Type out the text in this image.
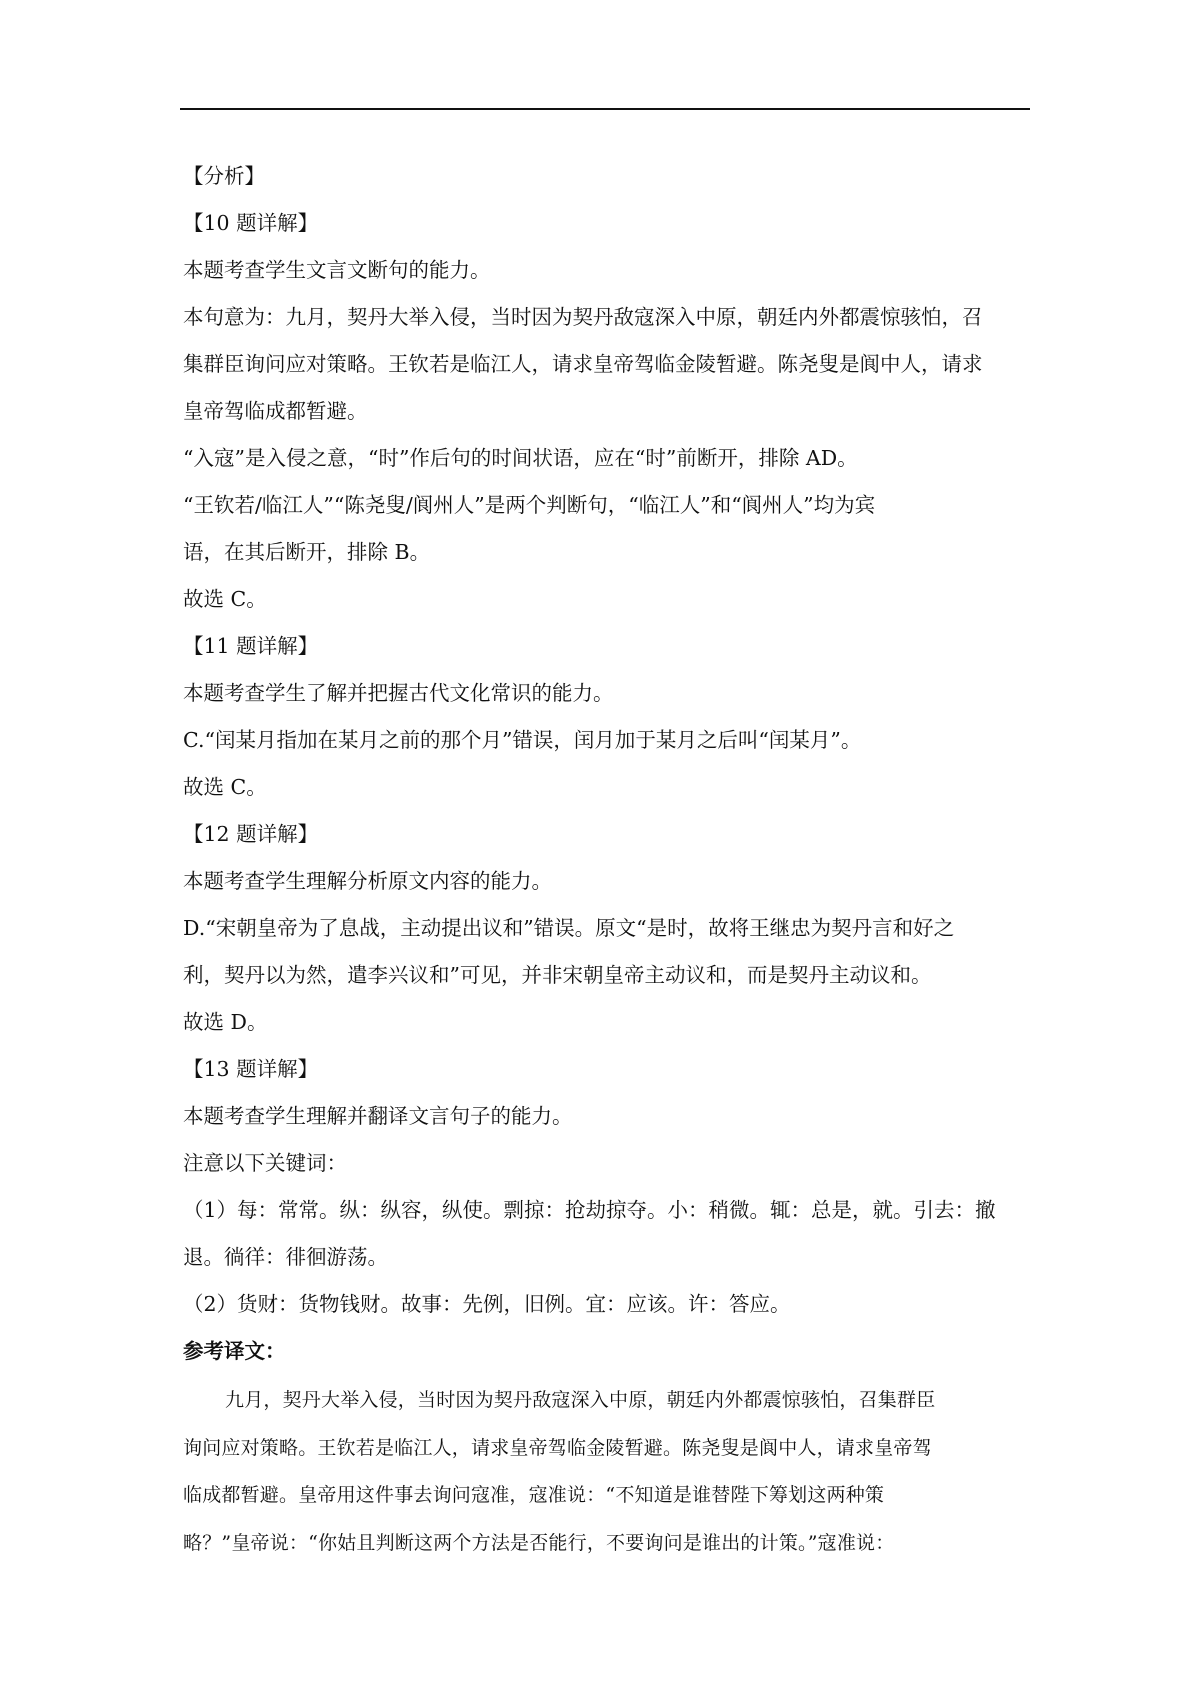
【分析】
【10 题详解】
本题考查学生文言文断句的能力。
本句意为：九月，契丹大举入侵，当时因为契丹敌寇深入中原，朝廷内外都震惊骇怕，召
集群臣询问应对策略。王钦若是临江人，请求皇帝驾临金陵暂避。陈尧叟是阆中人，请求
皇帝驾临成都暂避。
“入寇”是入侵之意，“时”作后句的时间状语，应在“时”前断开，排除 AD。
“王钦若/临江人”“陈尧叟/阆州人”是两个判断句，“临江人”和“阆州人”均为宾
语，在其后断开，排除 B。
故选 C。
【11 题详解】
本题考查学生了解并把握古代文化常识的能力。
C.“闰某月指加在某月之前的那个月”错误，闰月加于某月之后叫“闰某月”。
故选 C。
【12 题详解】
本题考查学生理解分析原文内容的能力。
D.“宋朝皇帝为了息战，主动提出议和”错误。原文“是时，故将王继忠为契丹言和好之
利，契丹以为然，遣李兴议和”可见，并非宋朝皇帝主动议和，而是契丹主动议和。
故选 D。
【13 题详解】
本题考查学生理解并翻译文言句子的能力。
注意以下关键词：
（1）每：常常。纵：纵容，纵使。剽掠：抢劫掠夺。小：稍微。辄：总是，就。引去：撤
退。徜徉：徘徊游荡。
（2）货财：货物钱财。故事：先例，旧例。宜：应该。许：答应。
参考译文：
九月，契丹大举入侵，当时因为契丹敌寇深入中原，朝廷内外都震惊骇怕，召集群臣
询问应对策略。王钦若是临江人，请求皇帝驾临金陵暂避。陈尧叟是阆中人，请求皇帝驾
临成都暂避。皇帝用这件事去询问寇准，寇准说：“不知道是谁替陛下筹划这两种策
略？”皇帝说：“你姑且判断这两个方法是否能行，不要询问是谁出的计策。”寇准说：
